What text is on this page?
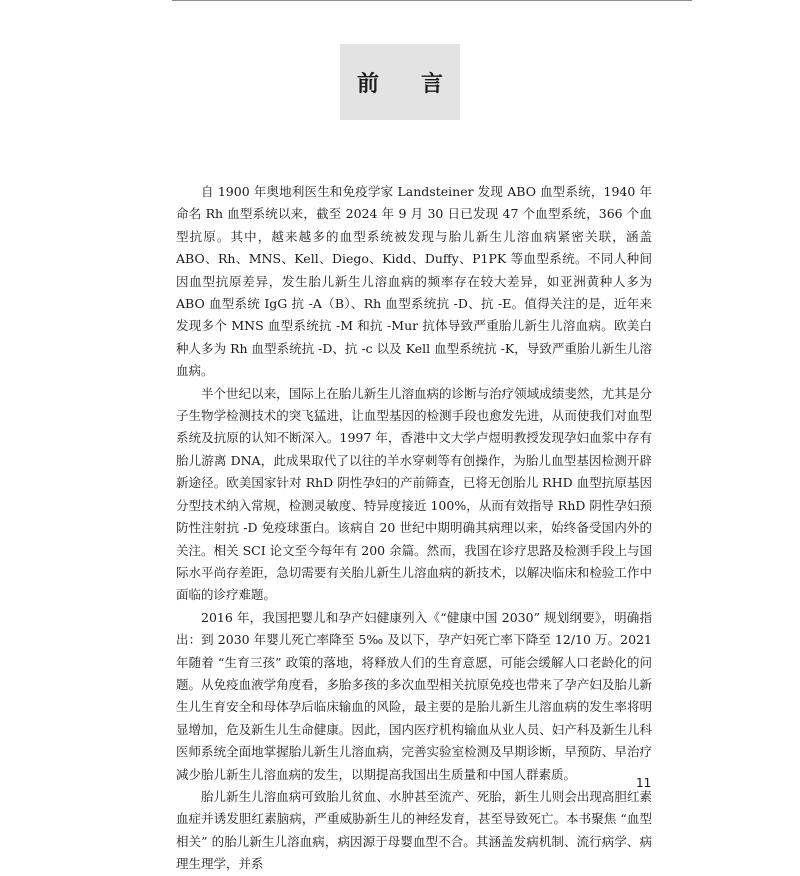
前　言

自 1900 年奥地利医生和免疫学家 Landsteiner 发现 ABO 血型系统，1940 年命名 Rh 血型系统以来，截至 2024 年 9 月 30 日已发现 47 个血型系统，366 个血型抗原。其中，越来越多的血型系统被发现与胎儿新生儿溶血病紧密关联，涵盖 ABO、Rh、MNS、Kell、Diego、Kidd、Duffy、P1PK 等血型系统。不同人种间因血型抗原差异，发生胎儿新生儿溶血病的频率存在较大差异，如亚洲黄种人多为 ABO 血型系统 IgG 抗 -A（B）、Rh 血型系统抗 -D、抗 -E。值得关注的是，近年来发现多个 MNS 血型系统抗 -M 和抗 -Mur 抗体导致严重胎儿新生儿溶血病。欧美白种人多为 Rh 血型系统抗 -D、抗 -c 以及 Kell 血型系统抗 -K，导致严重胎儿新生儿溶血病。

半个世纪以来，国际上在胎儿新生儿溶血病的诊断与治疗领域成绩斐然，尤其是分子生物学检测技术的突飞猛进，让血型基因的检测手段也愈发先进，从而使我们对血型系统及抗原的认知不断深入。1997 年，香港中文大学卢煜明教授发现孕妇血浆中存有胎儿游离 DNA，此成果取代了以往的羊水穿刺等有创操作，为胎儿血型基因检测开辟新途径。欧美国家针对 RhD 阴性孕妇的产前筛查，已将无创胎儿 RHD 血型抗原基因分型技术纳入常规，检测灵敏度、特异度接近 100%，从而有效指导 RhD 阴性孕妇预防性注射抗 -D 免疫球蛋白。该病自 20 世纪中期明确其病理以来，始终备受国内外的关注。相关 SCI 论文至今每年有 200 余篇。然而，我国在诊疗思路及检测手段上与国际水平尚存差距，急切需要有关胎儿新生儿溶血病的新技术，以解决临床和检验工作中面临的诊疗难题。

2016 年，我国把婴儿和孕产妇健康列入《“健康中国 2030” 规划纲要》，明确指出：到 2030 年婴儿死亡率降至 5‰ 及以下，孕产妇死亡率下降至 12/10 万。2021 年随着 “生育三孩” 政策的落地，将释放人们的生育意愿，可能会缓解人口老龄化的问题。从免疫血液学角度看，多胎多孩的多次血型相关抗原免疫也带来了孕产妇及胎儿新生儿生育安全和母体孕后临床输血的风险，最主要的是胎儿新生儿溶血病的发生率将明显增加，危及新生儿生命健康。因此，国内医疗机构输血从业人员、妇产科及新生儿科医师系统全面地掌握胎儿新生儿溶血病，完善实验室检测及早期诊断，早预防、早治疗减少胎儿新生儿溶血病的发生，以期提高我国出生质量和中国人群素质。

胎儿新生儿溶血病可致胎儿贫血、水肿甚至流产、死胎，新生儿则会出现高胆红素血症并诱发胆红素脑病，严重威胁新生儿的神经发育，甚至导致死亡。本书聚焦 “血型相关” 的胎儿新生儿溶血病，病因源于母婴血型不合。其涵盖发病机制、流行病学、病理生理学，并系

11
